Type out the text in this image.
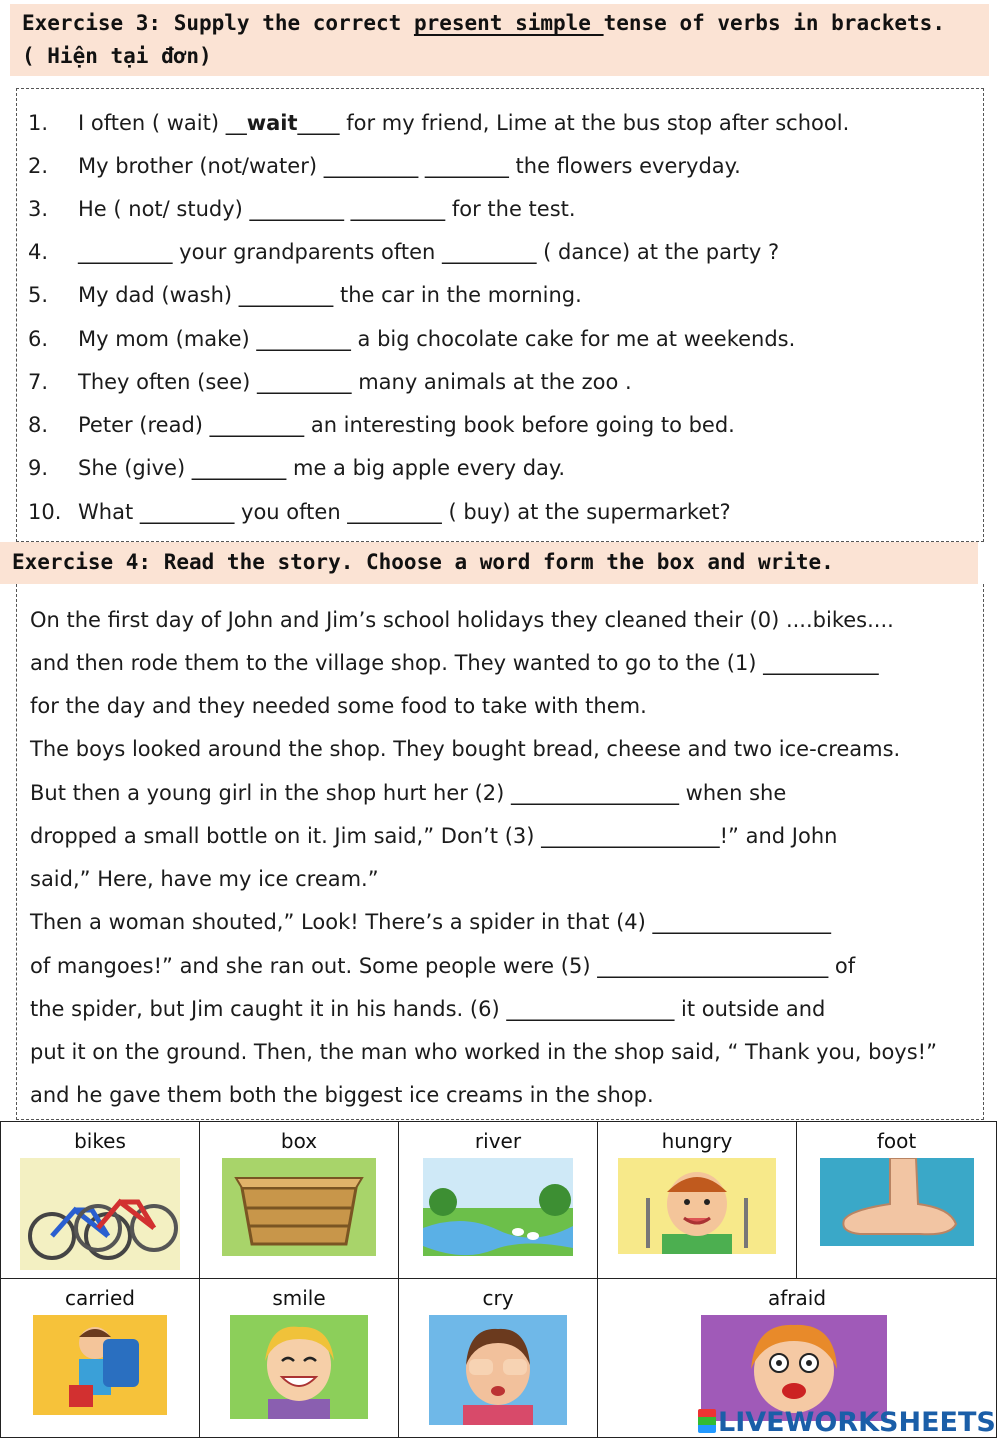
Exercise 3: Supply the correct present simple tense of verbs in brackets.
( Hiện tại đơn)
1. I often ( wait) __wait____ for my friend, Lime at the bus stop after school.
2. My brother (not/water) _________ ________ the flowers everyday.
3. He ( not/ study) _________ _________ for the test.
4. _________ your grandparents often _________ ( dance) at the party ?
5. My dad (wash) _________ the car in the morning.
6. My mom (make) _________ a big chocolate cake for me at weekends.
7. They often (see) _________ many animals at the zoo .
8. Peter (read) _________ an interesting book before going to bed.
9. She (give) _________ me a big apple every day.
10. What _________ you often _________ ( buy) at the supermarket?
Exercise 4: Read the story. Choose a word form the box and write.
On the first day of John and Jim’s school holidays they cleaned their (0) ....bikes....
and then rode them to the village shop. They wanted to go to the (1) ___________
for the day and they needed some food to take with them.
The boys looked around the shop. They bought bread, cheese and two ice-creams.
But then a young girl in the shop hurt her (2) ________________ when she
dropped a small bottle on it. Jim said,” Don’t (3) _________________!” and John
said,” Here, have my ice cream.”
Then a woman shouted,” Look! There’s a spider in that (4) _________________
of mangoes!” and she ran out. Some people were (5) ______________________ of
the spider, but Jim caught it in his hands. (6) ________________ it outside and
put it on the ground. Then, the man who worked in the shop said, “ Thank you, boys!”
and he gave them both the biggest ice creams in the shop.
bikes	box	river	hungry	foot

carried	smile	cry	afraid	
LIVEWORKSHEETS
